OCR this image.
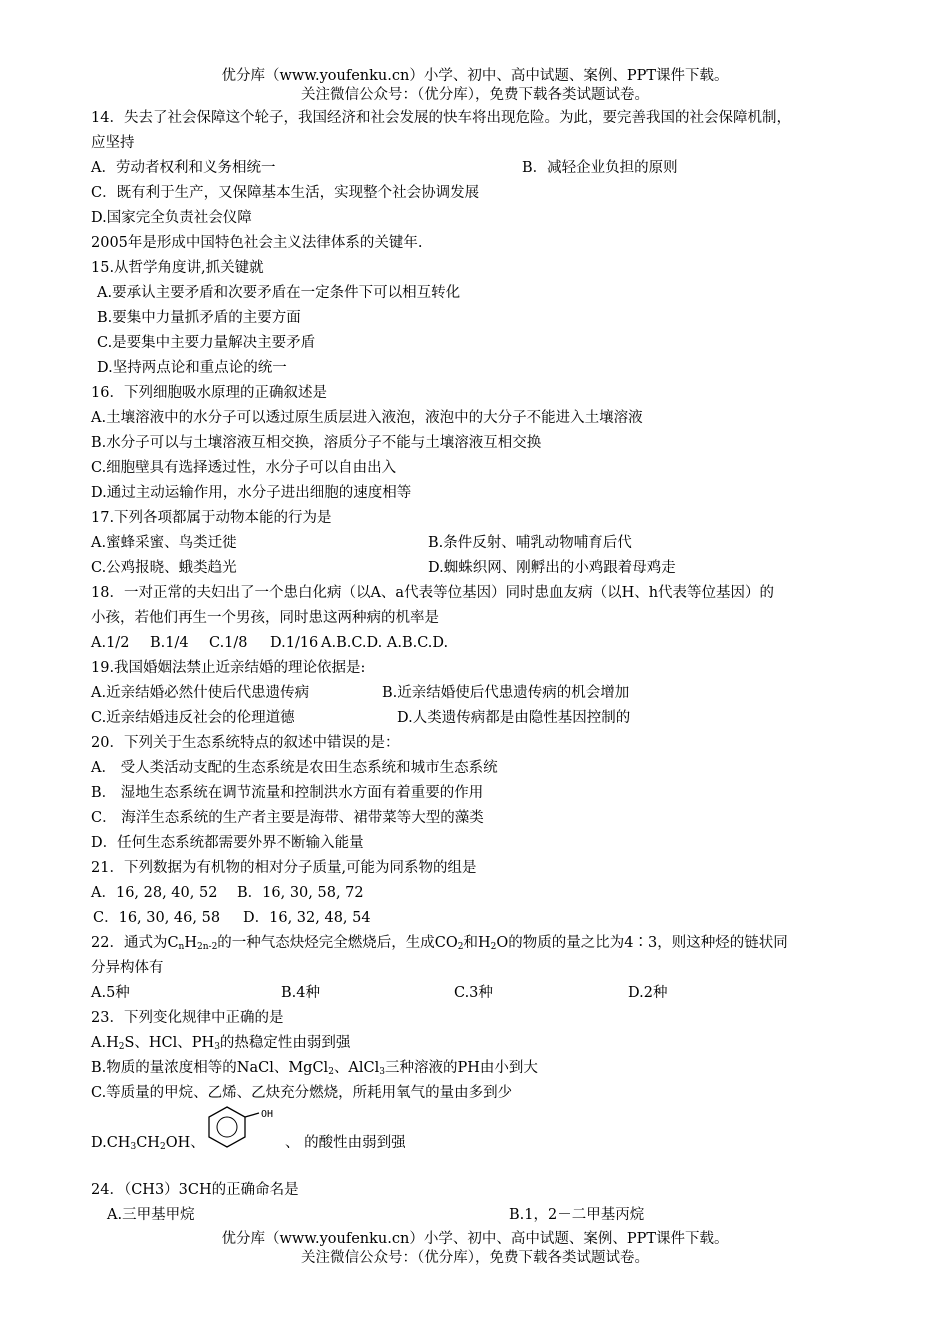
优分库（www.youfenku.cn）小学、初中、高中试题、案例、PPT课件下载。
关注微信公众号：（优分库），免费下载各类试题试卷。
14．失去了社会保障这个轮子，我国经济和社会发展的快车将出现危险。为此，要完善我国的社会保障机制，
应坚持
A．劳动者权利和义务相统一	B．减轻企业负担的原则
C．既有利于生产，又保障基本生活，实现整个社会协调发展
D.国家完全负责社会仪障
2005年是形成中国特色社会主义法律体系的关键年.
15.从哲学角度讲,抓关键就
A.要承认主要矛盾和次要矛盾在一定条件下可以相互转化
B.要集中力量抓矛盾的主要方面
C.是要集中主要力量解决主要矛盾
D.坚持两点论和重点论的统一
16．下列细胞吸水原理的正确叙述是
A.土壤溶液中的水分子可以透过原生质层进入液泡，液泡中的大分子不能进入土壤溶液
B.水分子可以与土壤溶液互相交换，溶质分子不能与土壤溶液互相交换
C.细胞壁具有选择透过性，水分子可以自由出入
D.通过主动运输作用，水分子进出细胞的速度相等
17.下列各项都属于动物本能的行为是
A.蜜蜂采蜜、鸟类迁徙	B.条件反射、哺乳动物哺育后代
C.公鸡报晓、蛾类趋光	D.蜘蛛织网、刚孵出的小鸡跟着母鸡走
18．一对正常的夫妇出了一个患白化病（以A、a代表等位基因）同时患血友病（以H、h代表等位基因）的
小孩，若他们再生一个男孩，同时患这两种病的机率是
A.1/2 B.1/4 C.1/8 D.1/16 A.B.C.D. A.B.C.D.
19.我国婚姻法禁止近亲结婚的理论依据是:
A.近亲结婚必然什使后代患遗传病	B.近亲结婚使后代患遗传病的机会增加
C.近亲结婚违反社会的伦理道德	D.人类遗传病都是由隐性基因控制的
20．下列关于生态系统特点的叙述中错误的是：
A． 受人类活动支配的生态系统是农田生态系统和城市生态系统
B． 湿地生态系统在调节流量和控制洪水方面有着重要的作用
C． 海洋生态系统的生产者主要是海带、裙带菜等大型的藻类
D．任何生态系统都需要外界不断输入能量
21．下列数据为有机物的相对分子质量,可能为同系物的组是
A．16, 28, 40, 52 B．16, 30, 58, 72
C．16, 30, 46, 58 D．16, 32, 48, 54
22．通式为$C_nH_{2n-2}$的一种气态炔烃完全燃烧后，生成$CO_2$和$H_2O$的物质的量之比为4∶3，则这种烃的链状同
分异构体有
A.5种	B.4种	C.3种	D.2种
23．下列变化规律中正确的是
$A.H_2S$、HCl、$PH_3$的热稳定性由弱到强
B.物质的量浓度相等的NaCl、MgCl$_2$、AlCl$_3$三种溶液的PH由小到大
C.等质量的甲烷、乙烯、乙炔充分燃烧，所耗用氧气的量由多到少
OH
$D.CH_3CH_2OH$、	、 的酸性由弱到强
24．（CH3）3CH的正确命名是
A.三甲基甲烷	B.1，2－二甲基丙烷
优分库（www.youfenku.cn）小学、初中、高中试题、案例、PPT课件下载。
关注微信公众号：（优分库），免费下载各类试题试卷。
